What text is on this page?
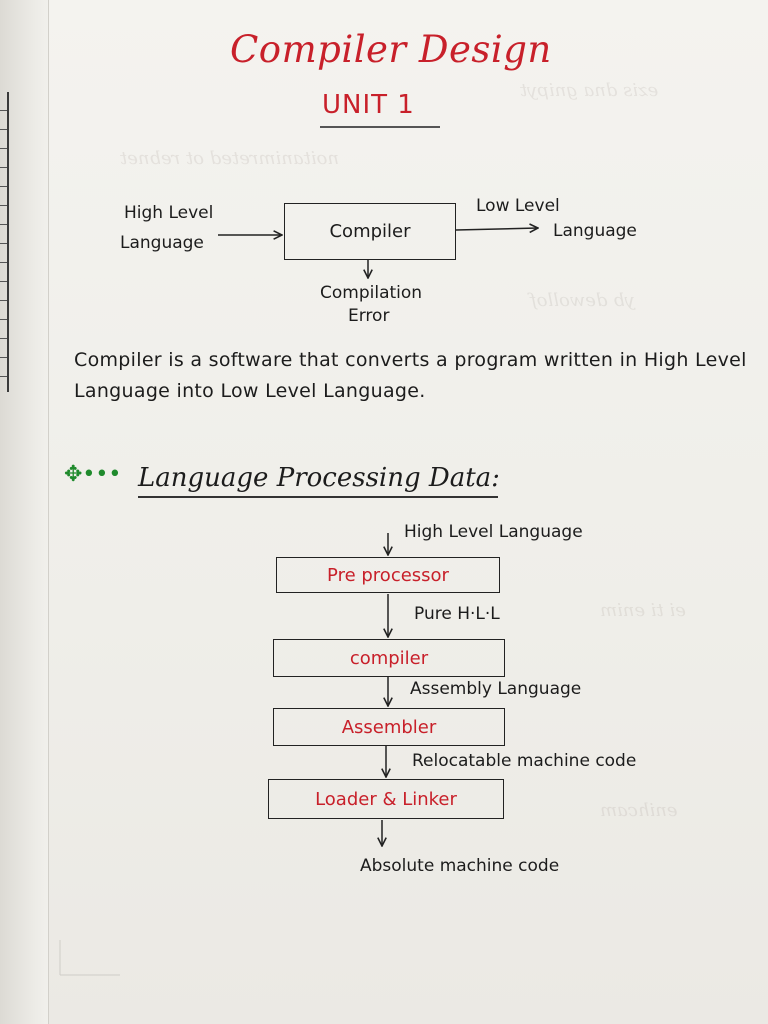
noitanimreted ot rebnet
ezis dna gnipyt
yb dewollof
ei ti enim
enihcam
Compiler Design
UNIT 1
High Level
Language
Compiler
Low Level
Language
Compilation
Error
Compiler is a software that converts a program written in High Level Language into Low Level Language.
✥••• Language Processing Data:
High Level Language
Pre processor
Pure H·L·L
compiler
Assembly Language
Assembler
Relocatable machine code
Loader & Linker
Absolute machine code
